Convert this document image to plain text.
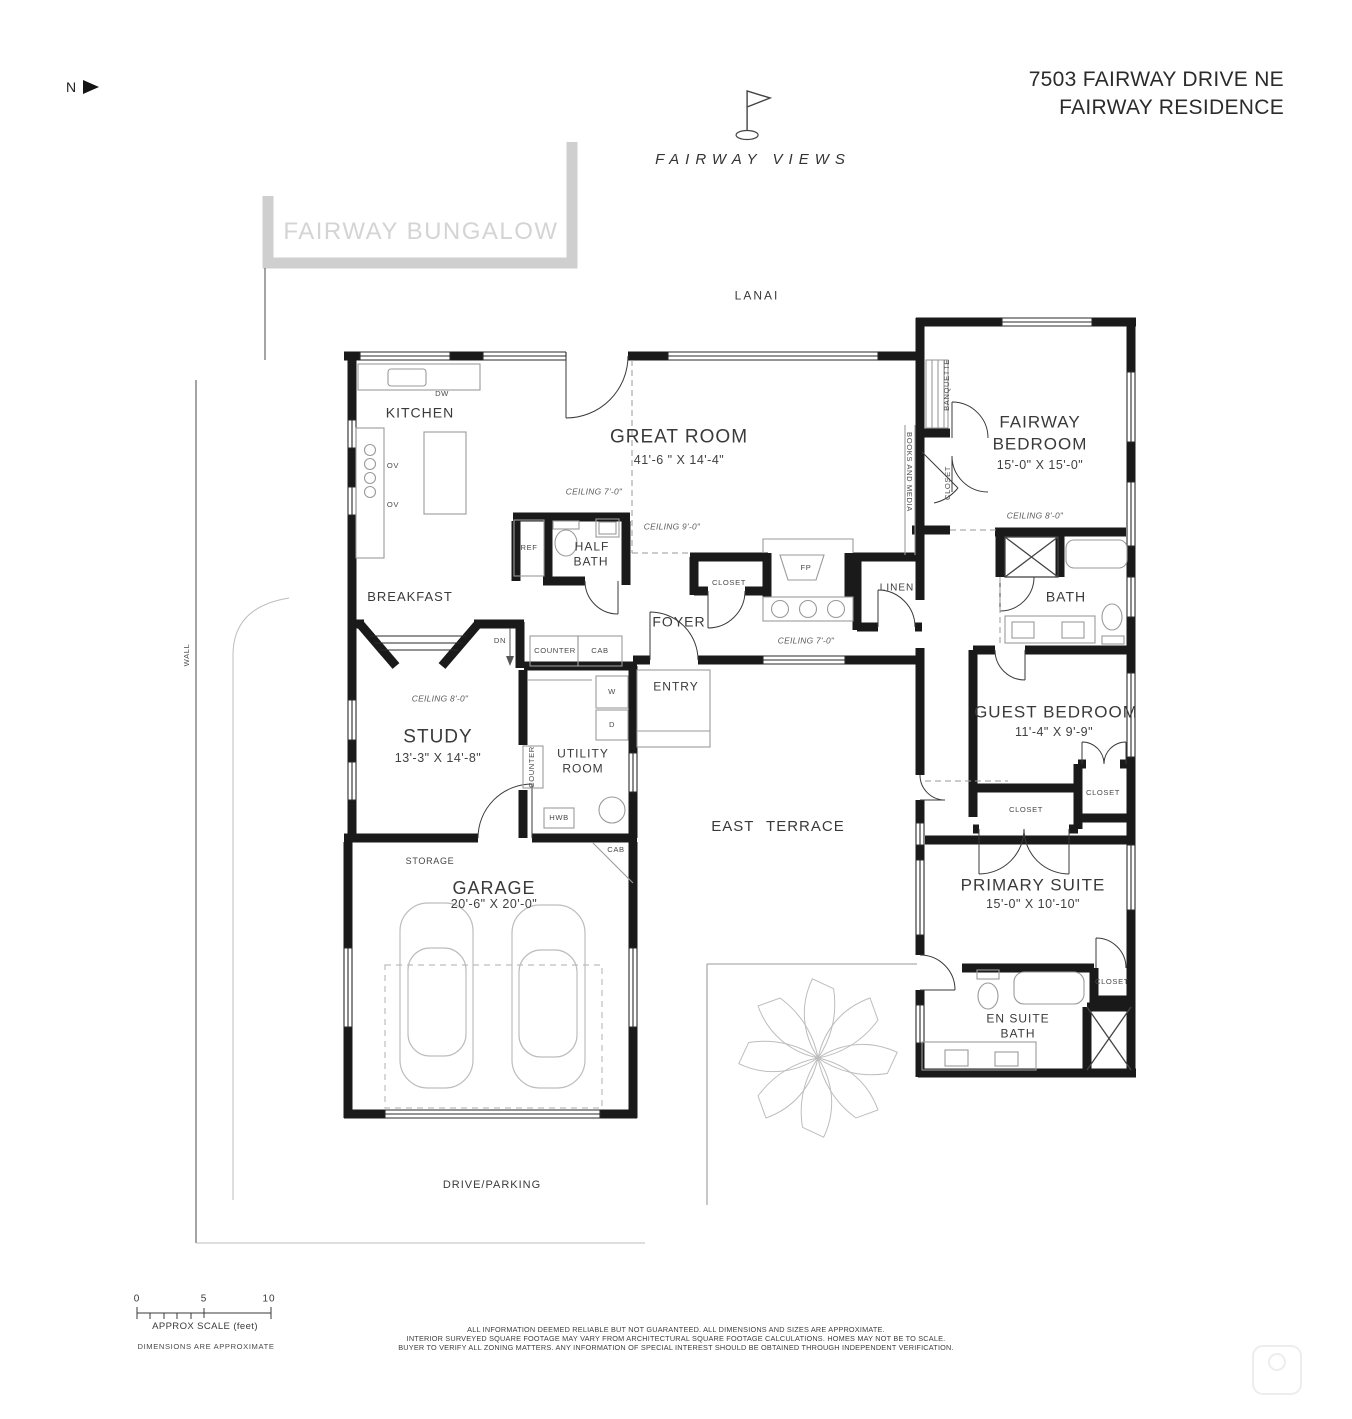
N
FAIRWAY VIEWS
7503 FAIRWAY DRIVE NE
FAIRWAY RESIDENCE
FAIRWAY BUNGALOW
LANAI
WALL
DRIVE/PARKING
EAST TERRACE
KITCHEN
GREAT ROOM
41'-6 " X 14'-4"
FAIRWAY
BEDROOM
15'-0" X 15'-0"
HALF
BATH
BREAKFAST
FOYER
ENTRY
BATH
STUDY
13'-3" X 14'-8"	UTILITY
ROOM
GUEST BEDROOM
11'-4" X 9'-9"
STORAGE
GARAGE
20'-6" X 20'-0"
PRIMARY SUITE
15'-0" X 10'-10"
EN SUITE
BATH
CEILING 7'-0"
CEILING 9'-0"
CEILING 7'-0"
CEILING 8'-0"
CEILING 8'-0"
DW
OV
OV
REF
FP
CLOSET
LINEN
BANQUETTE
CLOSET
BOOKS AND MEDIA
COUNTER CAB
DN
W
D
COUNTER
HWB
CAB
CLOSET
CLOSET
CLOSET
0	5	10
APPROX SCALE (feet)
DIMENSIONS ARE APPROXIMATE
ALL INFORMATION DEEMED RELIABLE BUT NOT GUARANTEED. ALL DIMENSIONS AND SIZES ARE APPROXIMATE.
INTERIOR SURVEYED SQUARE FOOTAGE MAY VARY FROM ARCHITECTURAL SQUARE FOOTAGE CALCULATIONS. HOMES MAY NOT BE TO SCALE.
BUYER TO VERIFY ALL ZONING MATTERS. ANY INFORMATION OF SPECIAL INTEREST SHOULD BE OBTAINED THROUGH INDEPENDENT VERIFICATION.
